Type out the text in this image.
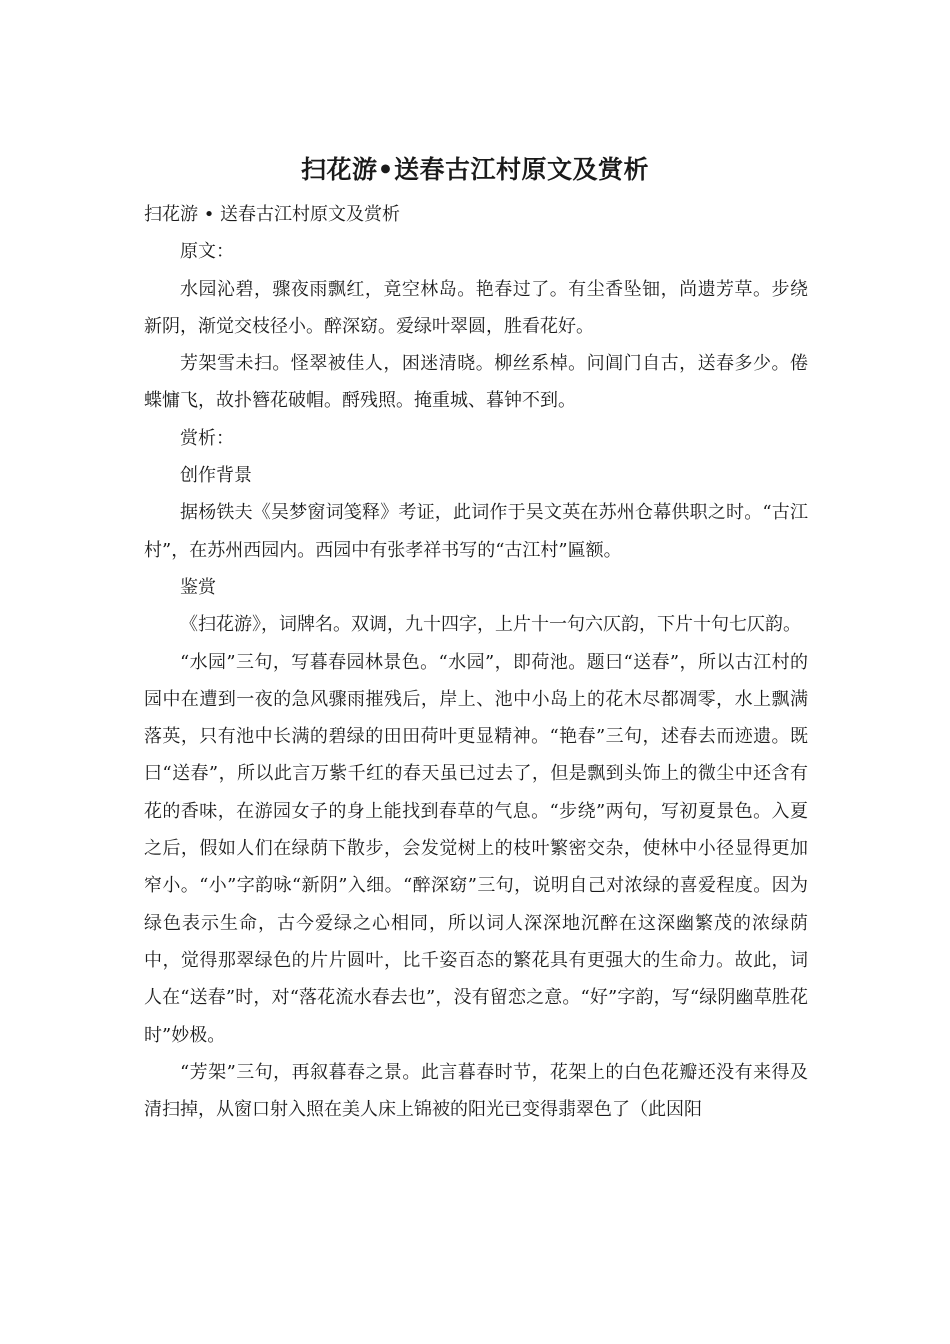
扫花游•送春古江村原文及赏析

扫花游 • 送春古江村原文及赏析

原文：

水园沁碧，骤夜雨飘红，竟空林岛。艳春过了。有尘香坠钿，尚遗芳草。步绕新阴，渐觉交枝径小。醉深窈。爱绿叶翠圆，胜看花好。

芳架雪未扫。怪翠被佳人，困迷清晓。柳丝系棹。问阊门自古，送春多少。倦蝶慵飞，故扑簪花破帽。酹残照。掩重城、暮钟不到。

赏析：

创作背景

据杨铁夫《吴梦窗词笺释》考证，此词作于吴文英在苏州仓幕供职之时。“古江村”，在苏州西园内。西园中有张孝祥书写的“古江村”匾额。

鉴赏

《扫花游》，词牌名。双调，九十四字，上片十一句六仄韵，下片十句七仄韵。

“水园”三句，写暮春园林景色。“水园”，即荷池。题曰“送春”，所以古江村的园中在遭到一夜的急风骤雨摧残后，岸上、池中小岛上的花木尽都凋零，水上飘满落英，只有池中长满的碧绿的田田荷叶更显精神。“艳春”三句，述春去而迹遗。既曰“送春”，所以此言万紫千红的春天虽已过去了，但是飘到头饰上的微尘中还含有花的香味，在游园女子的身上能找到春草的气息。“步绕”两句，写初夏景色。入夏之后，假如人们在绿荫下散步，会发觉树上的枝叶繁密交杂，使林中小径显得更加窄小。“小”字韵咏“新阴”入细。“醉深窈”三句，说明自己对浓绿的喜爱程度。因为绿色表示生命，古今爱绿之心相同，所以词人深深地沉醉在这深幽繁茂的浓绿荫中，觉得那翠绿色的片片圆叶，比千姿百态的繁花具有更强大的生命力。故此，词人在“送春”时，对“落花流水春去也”，没有留恋之意。“好”字韵，写“绿阴幽草胜花时”妙极。

“芳架”三句，再叙暮春之景。此言暮春时节，花架上的白色花瓣还没有来得及清扫掉，从窗口射入照在美人床上锦被的阳光已变得翡翠色了（此因阳
